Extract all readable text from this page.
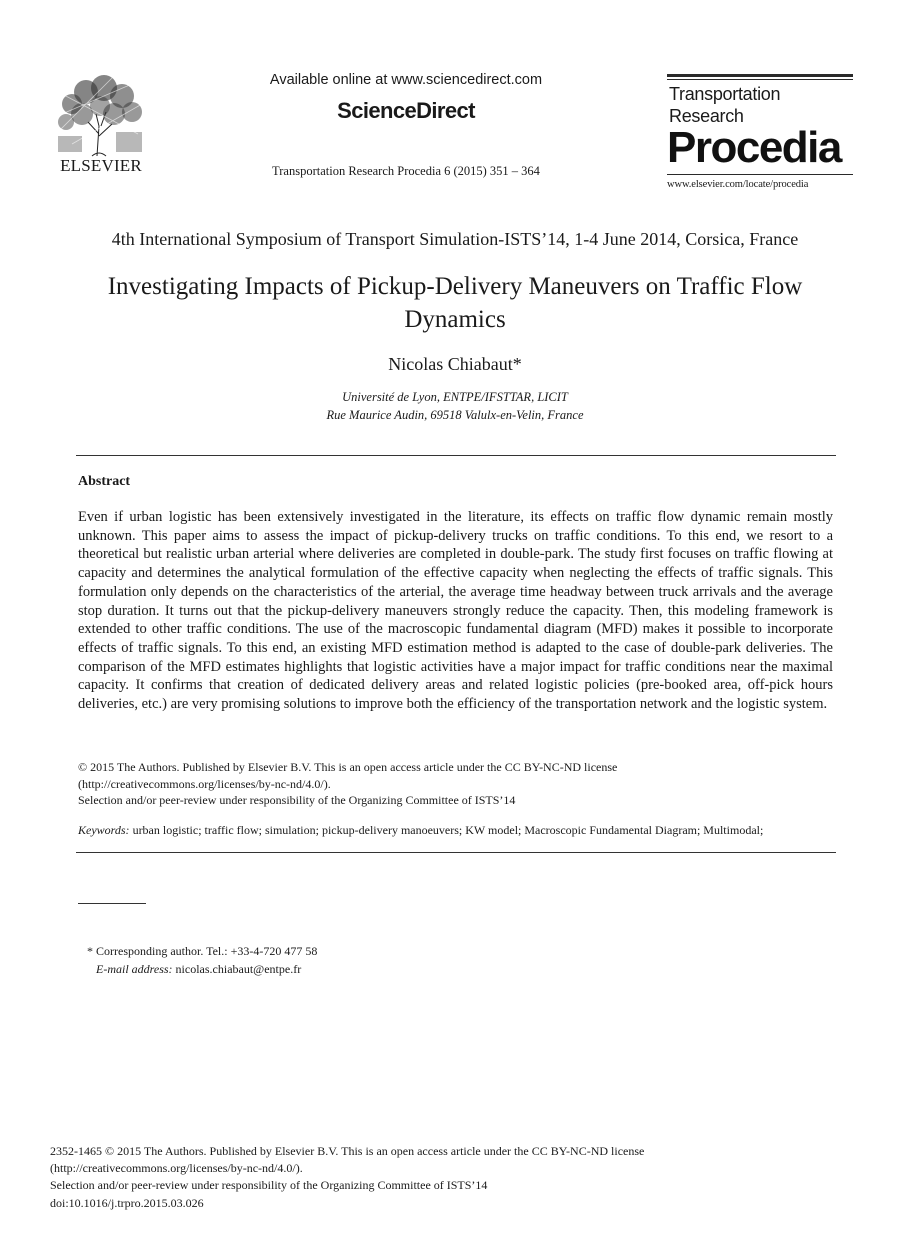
ELSEVIER
Available online at www.sciencedirect.com
ScienceDirect
Transportation Research Procedia 6 (2015) 351 – 364
Transportation
Research
Procedia
www.elsevier.com/locate/procedia
4th International Symposium of Transport Simulation-ISTS’14, 1-4 June 2014, Corsica, France
Investigating Impacts of Pickup-Delivery Maneuvers on Traffic Flow Dynamics
Nicolas Chiabaut*
Université de Lyon, ENTPE/IFSTTAR, LICIT
Rue Maurice Audin, 69518 Valulx-en-Velin, France
Abstract
Even if urban logistic has been extensively investigated in the literature, its effects on traffic flow dynamic remain mostly unknown. This paper aims to assess the impact of pickup-delivery trucks on traffic conditions. To this end, we resort to a theoretical but realistic urban arterial where deliveries are completed in double-park. The study first focuses on traffic flowing at capacity and determines the analytical formulation of the effective capacity when neglecting the effects of traffic signals. This formulation only depends on the characteristics of the arterial, the average time headway between truck arrivals and the average stop duration. It turns out that the pickup-delivery maneuvers strongly reduce the capacity. Then, this modeling framework is extended to other traffic conditions. The use of the macroscopic fundamental diagram (MFD) makes it possible to incorporate effects of traffic signals. To this end, an existing MFD estimation method is adapted to the case of double-park deliveries. The comparison of the MFD estimates highlights that logistic activities have a major impact for traffic conditions near the maximal capacity. It confirms that creation of dedicated delivery areas and related logistic policies (pre-booked area, off-pick hours deliveries, etc.) are very promising solutions to improve both the efficiency of the transportation network and the logistic system.
© 2015 The Authors. Published by Elsevier B.V. This is an open access article under the CC BY-NC-ND license
(http://creativecommons.org/licenses/by-nc-nd/4.0/).
Selection and/or peer-review under responsibility of the Organizing Committee of ISTS’14
Keywords: urban logistic; traffic flow; simulation; pickup-delivery manoeuvers; KW model; Macroscopic Fundamental Diagram; Multimodal;
* Corresponding author. Tel.: +33-4-720 477 58
E-mail address: nicolas.chiabaut@entpe.fr
2352-1465 © 2015 The Authors. Published by Elsevier B.V. This is an open access article under the CC BY-NC-ND license
(http://creativecommons.org/licenses/by-nc-nd/4.0/).
Selection and/or peer-review under responsibility of the Organizing Committee of ISTS’14
doi:10.1016/j.trpro.2015.03.026
